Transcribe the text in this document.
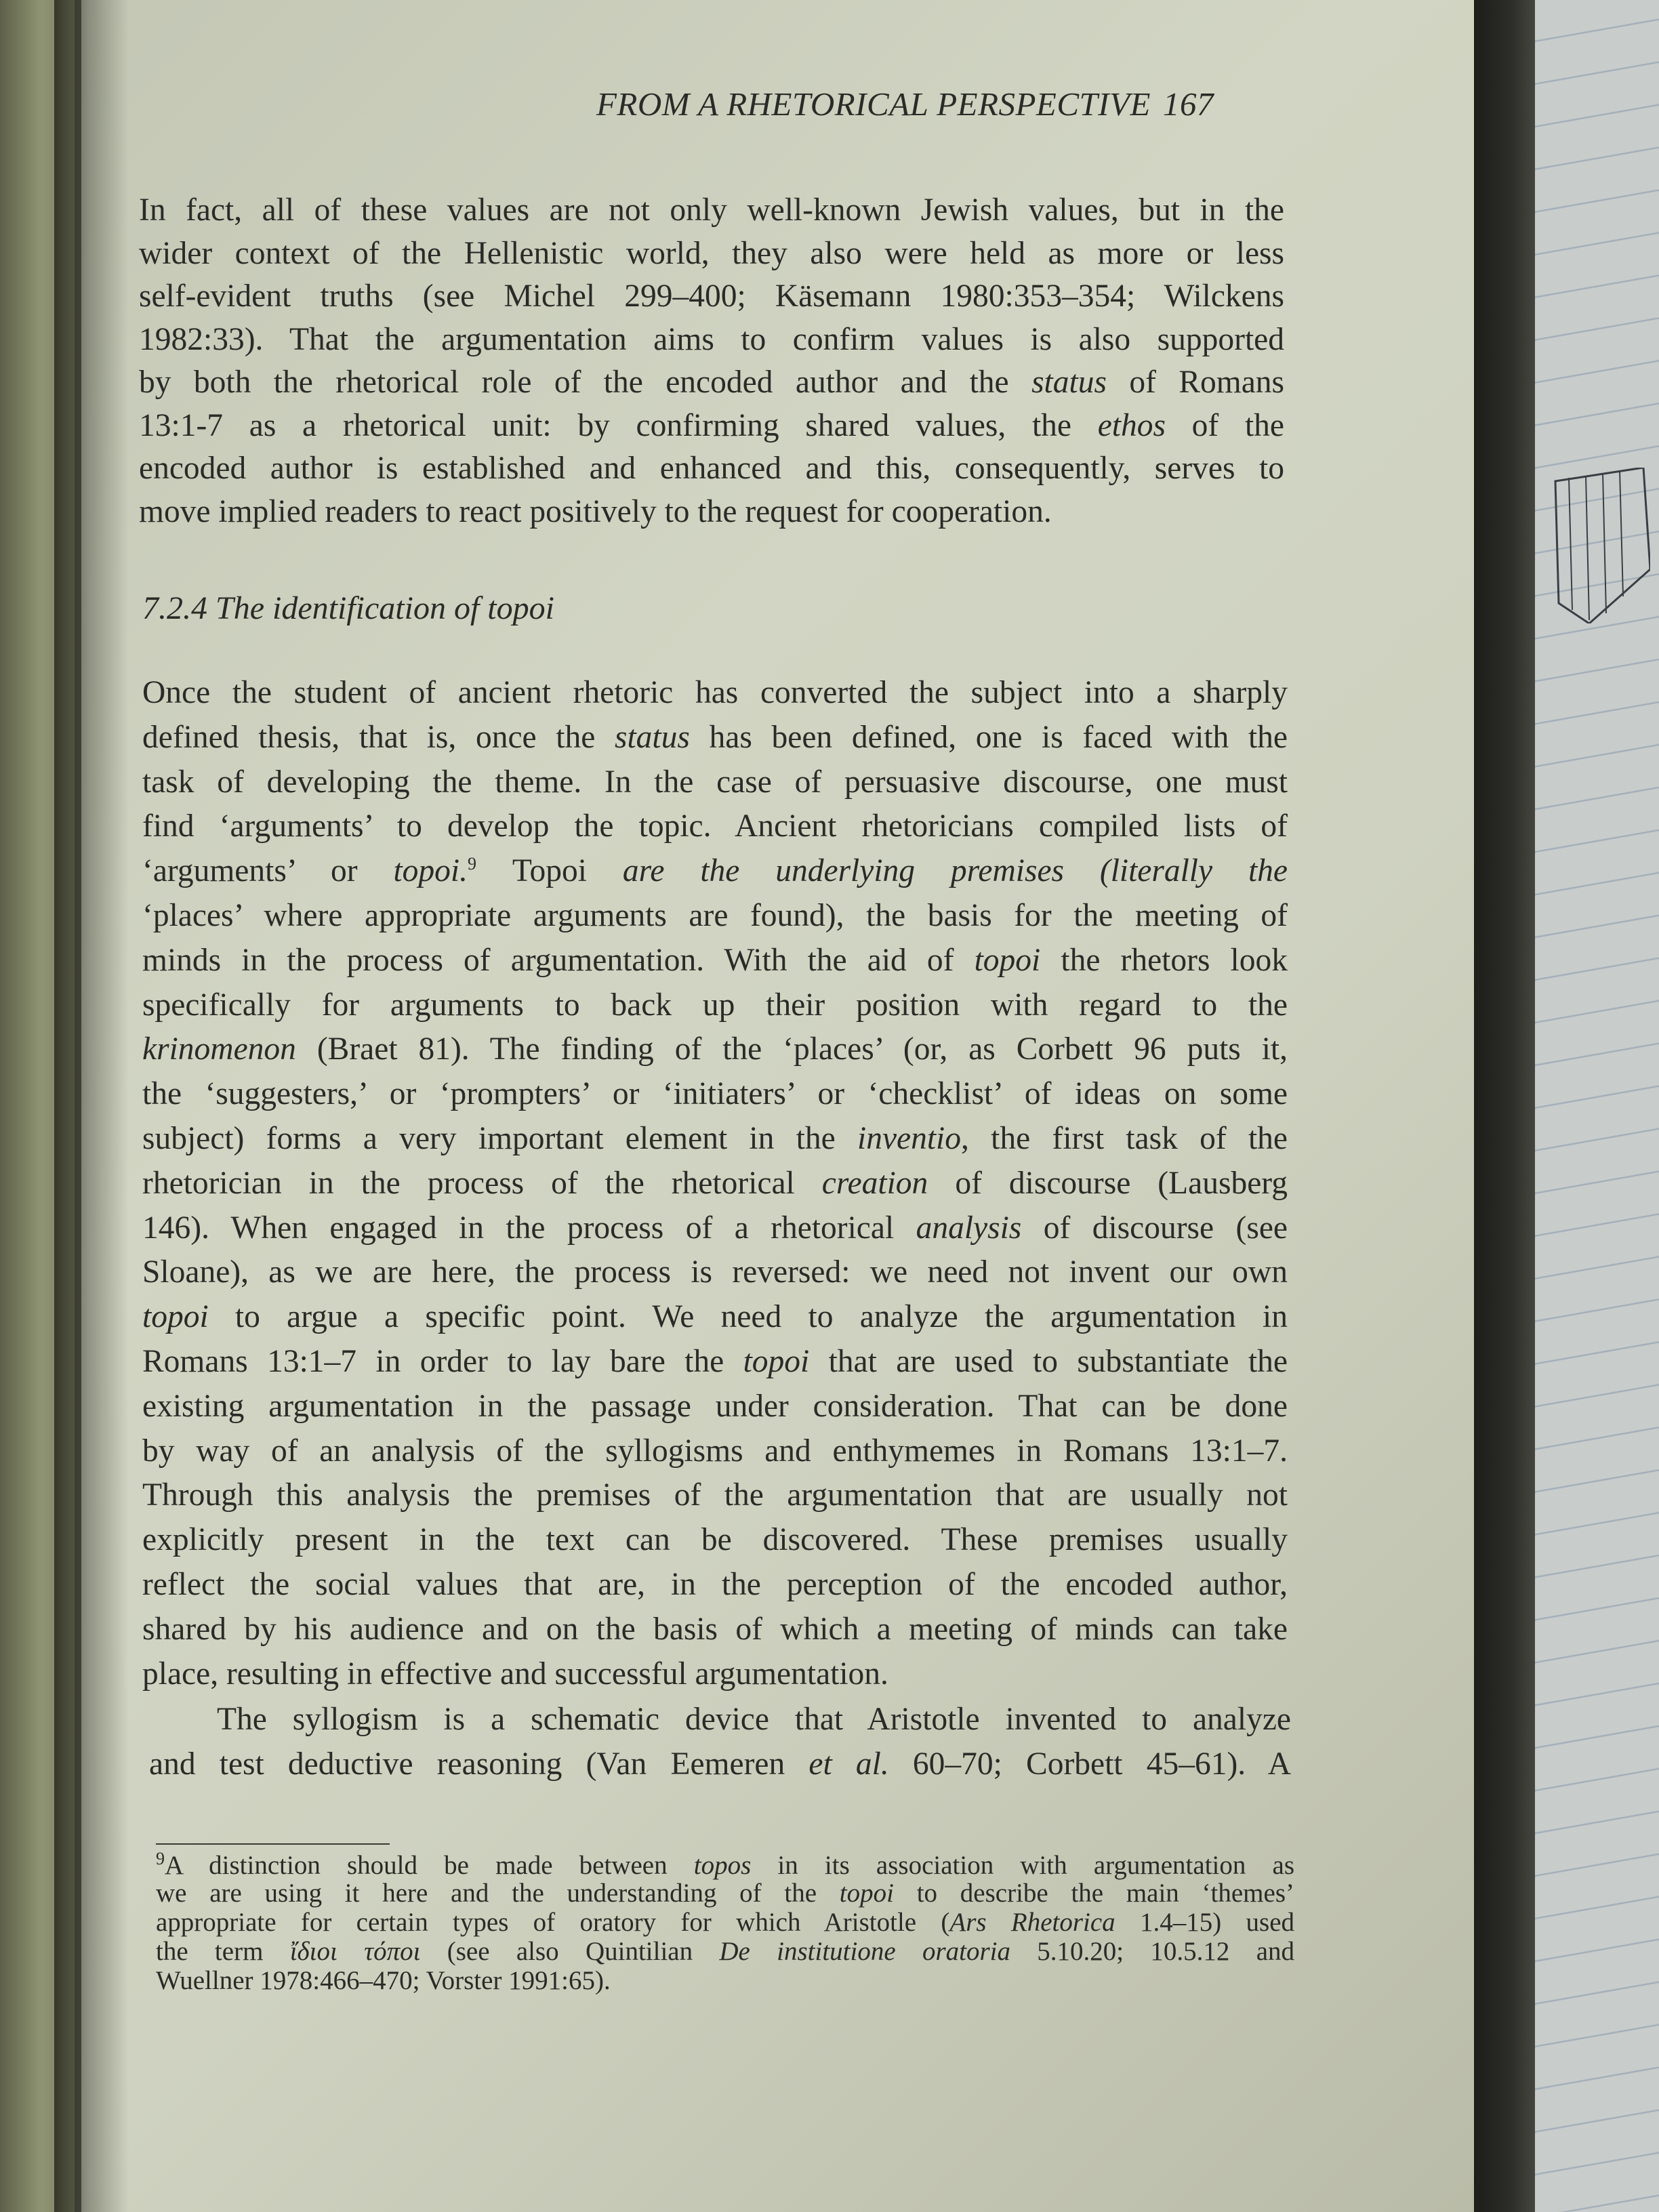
FROM A RHETORICAL PERSPECTIVE 167
In fact, all of these values are not only well-known Jewish values, but in the
wider context of the Hellenistic world, they also were held as more or less
self-evident truths (see Michel 299–400; Käsemann 1980:353–354; Wilckens
1982:33). That the argumentation aims to confirm values is also supported
by both the rhetorical role of the encoded author and the status of Romans
13:1-7 as a rhetorical unit: by confirming shared values, the ethos of the
encoded author is established and enhanced and this, consequently, serves to
move implied readers to react positively to the request for cooperation.
7.2.4 The identification of topoi
Once the student of ancient rhetoric has converted the subject into a sharply
defined thesis, that is, once the status has been defined, one is faced with the
task of developing the theme. In the case of persuasive discourse, one must
find ‘arguments’ to develop the topic. Ancient rhetoricians compiled lists of
‘arguments’ or topoi.$^9$ Topoi are the underlying premises (literally the
‘places’ where appropriate arguments are found), the basis for the meeting of
minds in the process of argumentation. With the aid of topoi the rhetors look
specifically for arguments to back up their position with regard to the
krinomenon (Braet 81). The finding of the ‘places’ (or, as Corbett 96 puts it,
the ‘suggesters,’ or ‘prompters’ or ‘initiaters’ or ‘checklist’ of ideas on some
subject) forms a very important element in the inventio, the first task of the
rhetorician in the process of the rhetorical creation of discourse (Lausberg
146). When engaged in the process of a rhetorical analysis of discourse (see
Sloane), as we are here, the process is reversed: we need not invent our own
topoi to argue a specific point. We need to analyze the argumentation in
Romans 13:1–7 in order to lay bare the topoi that are used to substantiate the
existing argumentation in the passage under consideration. That can be done
by way of an analysis of the syllogisms and enthymemes in Romans 13:1–7.
Through this analysis the premises of the argumentation that are usually not
explicitly present in the text can be discovered. These premises usually
reflect the social values that are, in the perception of the encoded author,
shared by his audience and on the basis of which a meeting of minds can take
place, resulting in effective and successful argumentation.
The syllogism is a schematic device that Aristotle invented to analyze
and test deductive reasoning (Van Eemeren et al. 60–70; Corbett 45–61). A
$^9$A distinction should be made between topos in its association with argumentation as
we are using it here and the understanding of the topoi to describe the main ‘themes’
appropriate for certain types of oratory for which Aristotle (Ars Rhetorica 1.4–15) used
the term ἴδιοι τόποι (see also Quintilian De institutione oratoria 5.10.20; 10.5.12 and
Wuellner 1978:466–470; Vorster 1991:65).
